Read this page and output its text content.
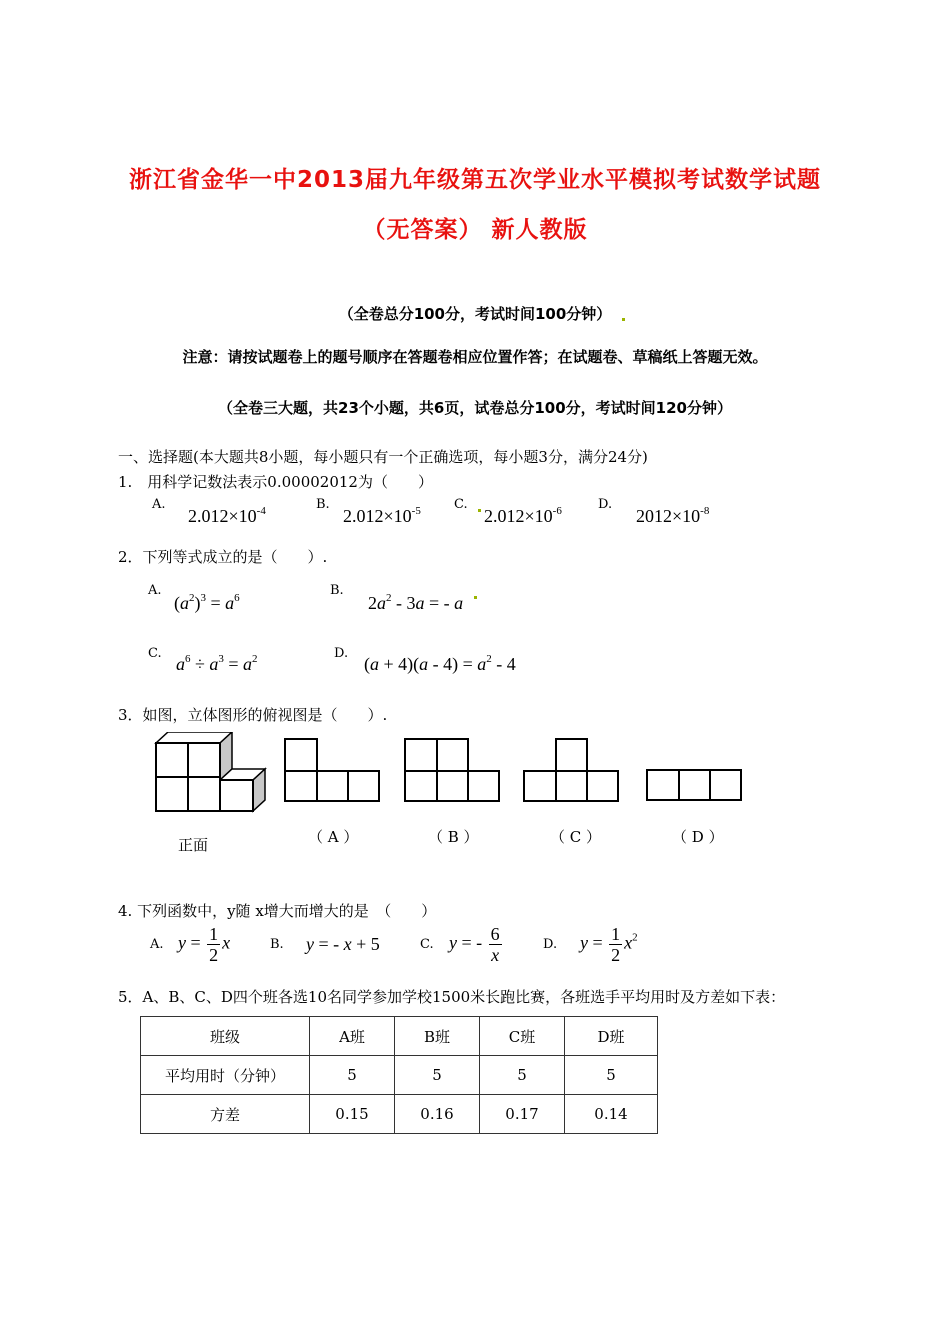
浙江省金华一中2013届九年级第五次学业水平模拟考试数学试题
（无答案） 新人教版
（全卷总分100分，考试时间100分钟）
注意：请按试题卷上的题号顺序在答题卷相应位置作答；在试题卷、草稿纸上答题无效。
（全卷三大题，共23个小题，共6页，试卷总分100分，考试时间120分钟）
一、选择题(本大题共8小题，每小题只有一个正确选项，每小题3分，满分24分)
1.　用科学记数法表示0.00002012为（　　）
A.	B.	C.	D.
$2.012\times 10^{-4}$	$2.012\times 10^{-5}$	$2.012\times 10^{-6}$	$2012\times 10^{-8}$
2．下列等式成立的是（　　）.
A.
$(a^2)^3 = a^6$	B.
$2a^2 - 3a$ = - a
C.
$a^6 \div a^3 = a^2$	D.
$(a + 4)(a - 4) = a^2 - 4$
3．如图，立体图形的俯视图是（　　）.
正面	（ A ）	（ B ）	（ C ）	（ D ）
4. 下列函数中，y随 x增大而增大的是　（　　）
A. $y = \frac{1}{2}$ x	B. y = - x + 5	C. y = - $\frac{6}{x}$	D. $y = \frac{1}{2} x^2$
5．A、B、C、D四个班各选10名同学参加学校1500米长跑比赛，各班选手平均用时及方差如下表：
班级	A班	B班	C班	D班
平均用时（分钟）	5	5	5	5
方差	0.15	0.16	0.17	0.14
